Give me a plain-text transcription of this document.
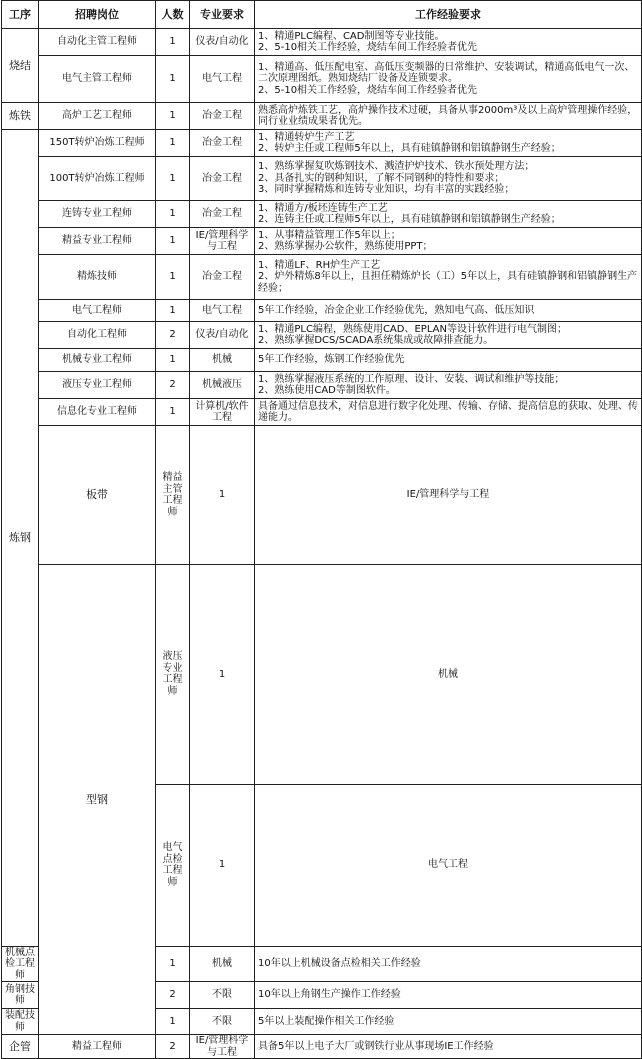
工序	招聘岗位	人数	专业要求	工作经验要求	
烧结	自动化主管工程师	1	仪表/自动化	1、精通PLC编程、CAD制图等专业技能。
2、5-10相关工作经验，烧结车间工作经验者优先	

	电气主管工程师	1	电气工程	1、精通高、低压配电室、高低压变频器的日常维护、安装调试，精通高低电气一次、二次原理图纸。熟知烧结厂设备及连锁要求。
2、5-10相关工作经验，烧结车间工作经验者优先	

炼铁	高炉工艺工程师	1	冶金工程	熟悉高炉炼铁工艺，高炉操作技术过硬，具备从事2000m³及以上高炉管理操作经验，同行业业绩成果者优先。	

炼钢	150T转炉冶炼工程师	1	冶金工程	1、精通转炉生产工艺
2、转炉主任或工程师5年以上，具有硅镇静钢和铝镇静钢生产经验；	

	100T转炉冶炼工程师	1	冶金工程	1、熟练掌握复吹炼钢技术、溅渣护炉技术、铁水预处理方法；
2、具备扎实的钢种知识，了解不同钢种的特性和要求；
3、同时掌握精炼和连铸专业知识，均有丰富的实践经验；	

	连铸专业工程师	1	冶金工程	1、精通方/板坯连铸生产工艺
2、连铸主任或工程师5年以上，具有硅镇静钢和铝镇静钢生产经验；	

	精益专业工程师	1	IE/管理科学与工程	1、从事精益管理工作5年以上；
2、熟练掌握办公软件，熟练使用PPT；	

	精炼技师	1	冶金工程	1、精通LF、RH炉生产工艺
2、炉外精炼8年以上，且担任精炼炉长（工）5年以上，具有硅镇静钢和铝镇静钢生产经验；	

	电气工程师	1	电气工程	5年工作经验，冶金企业工作经验优先，熟知电气高、低压知识	

	自动化工程师	2	仪表/自动化	1、精通PLC编程，熟练使用CAD、EPLAN等设计软件进行电气制图；
2、熟练掌握DCS/SCADA系统集成或故障排查能力。	

	机械专业工程师	1	机械	5年工作经验，炼钢工作经验优先	

	液压专业工程师	2	机械液压	1、熟练掌握液压系统的工作原理、设计、安装、调试和维护等技能；
2、熟练使用CAD等制图软件。	

	信息化专业工程师	1	计算机/软件工程	具备通过信息技术，对信息进行数字化处理、传输、存储、提高信息的获取、处理、传递能力。	

	板带	精益主管工程师	1	IE/管理科学与工程	

	型钢	液压专业工程师	1	机械	

		电气点检工程师	1	电气工程	

机械点检工程师		1	机械	10年以上机械设备点检相关工作经验	

角钢技师		2	不限	10年以上角钢生产操作工作经验	

装配技师		1	不限	5年以上装配操作相关工作经验	

企管	精益工程师	2	IE/管理科学与工程	具备5年以上电子大厂或钢铁行业从事现场IE工作经验	
